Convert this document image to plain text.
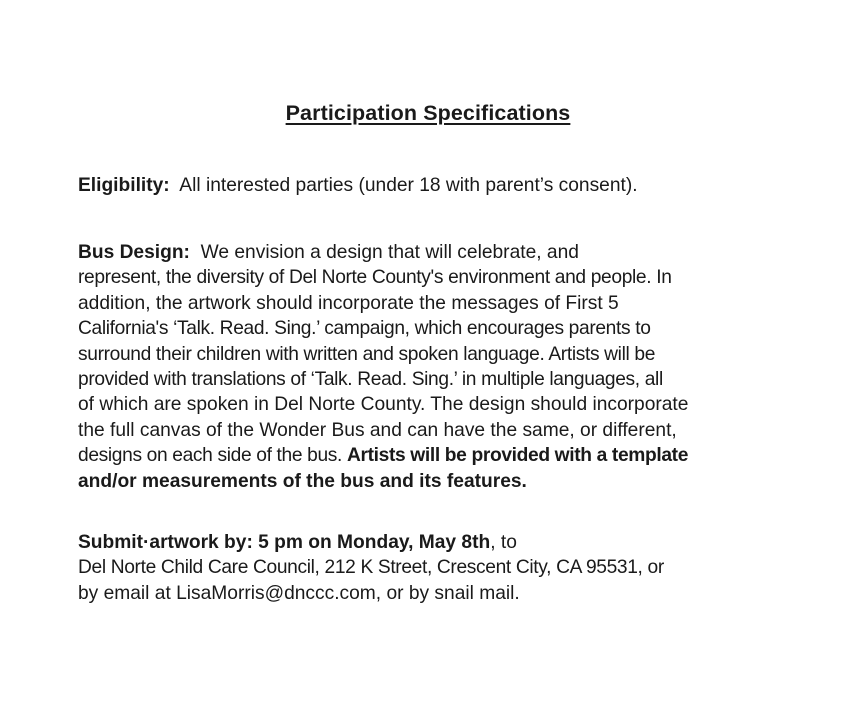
Participation Specifications

Eligibility: All interested parties (under 18 with parent’s consent).

Bus Design: We envision a design that will celebrate, and
represent, the diversity of Del Norte County's environment and people. In
addition, the artwork should incorporate the messages of First 5
California's ‘Talk. Read. Sing.’ campaign, which encourages parents to
surround their children with written and spoken language. Artists will be
provided with translations of ‘Talk. Read. Sing.’ in multiple languages, all
of which are spoken in Del Norte County. The design should incorporate
the full canvas of the Wonder Bus and can have the same, or different,
designs on each side of the bus. Artists will be provided with a template
and/or measurements of the bus and its features.

Submit·artwork by: 5 pm on Monday, May 8th, to
Del Norte Child Care Council, 212 K Street, Crescent City, CA 95531, or
by email at LisaMorris@dnccc.com, or by snail mail.
